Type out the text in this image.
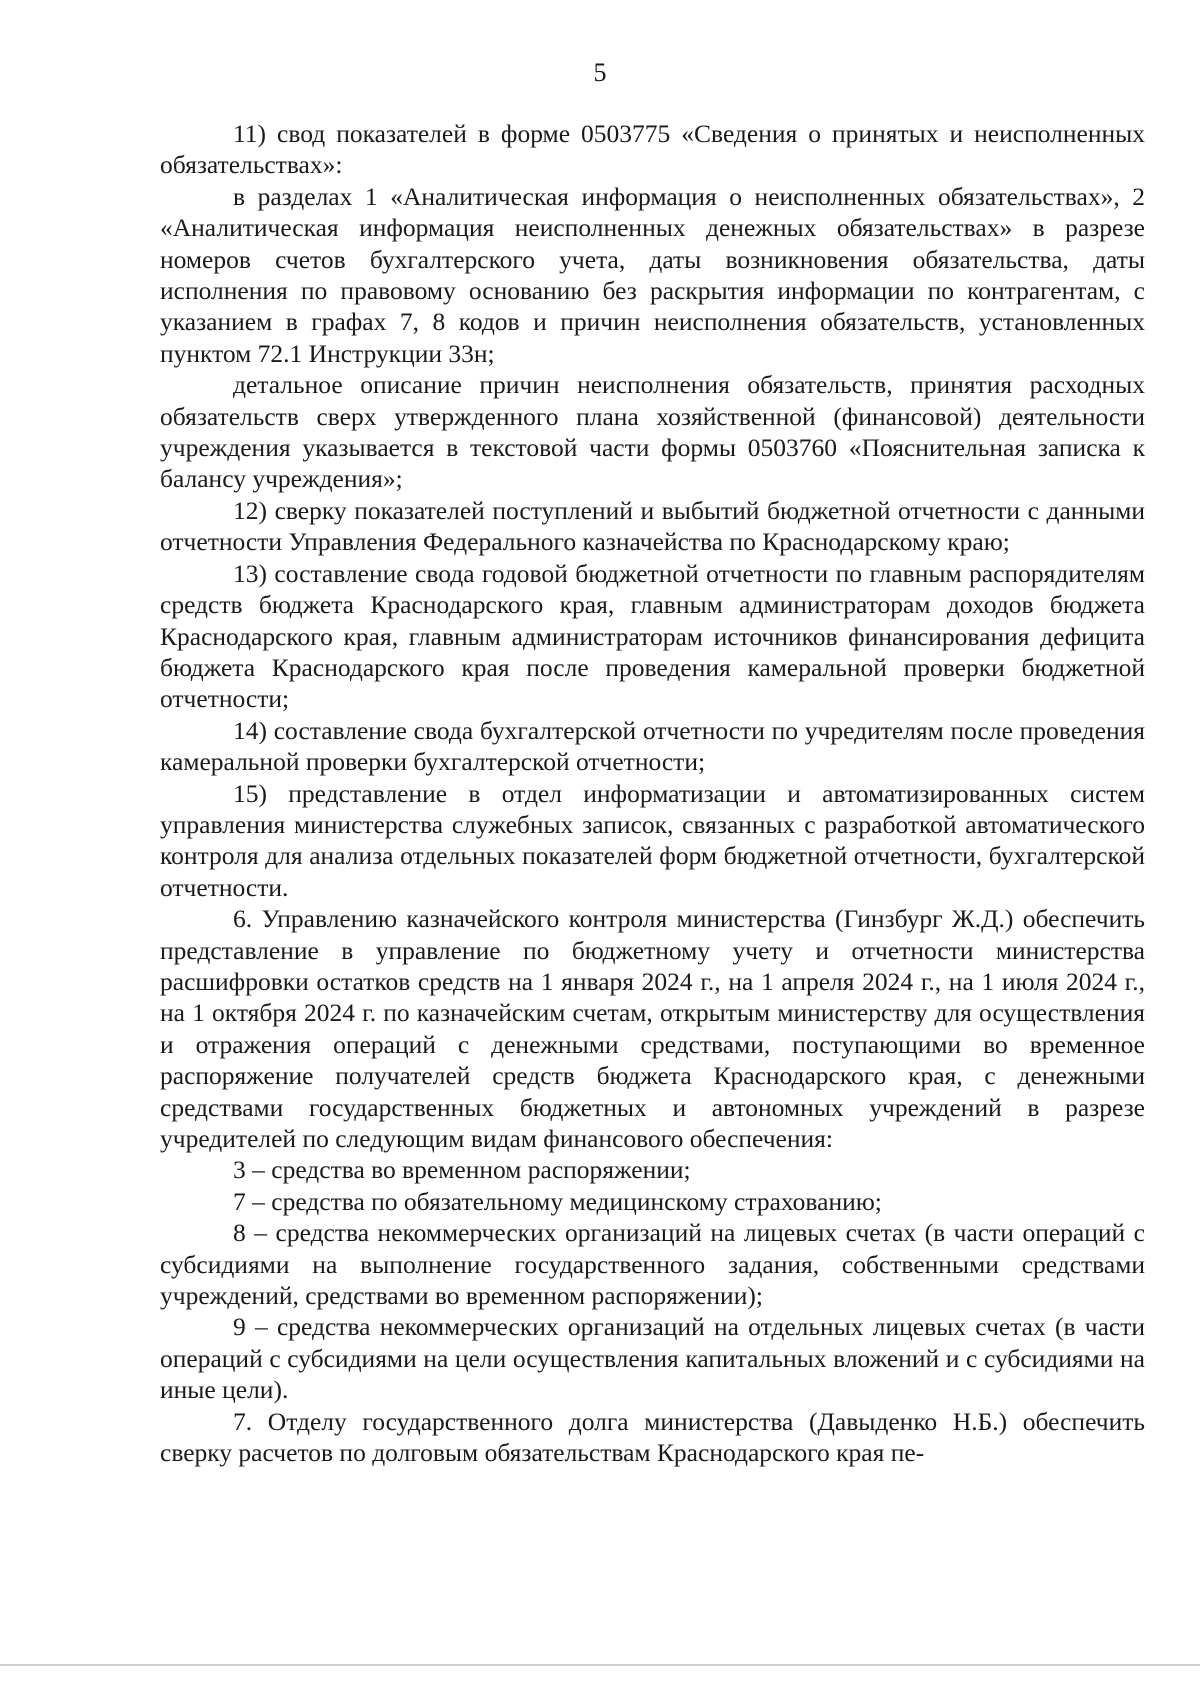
5

11) свод показателей в форме 0503775 «Сведения о принятых и неисполненных обязательствах»:

в разделах 1 «Аналитическая информация о неисполненных обязательствах», 2 «Аналитическая информация неисполненных денежных обязательствах» в разрезе номеров счетов бухгалтерского учета, даты возникновения обязательства, даты исполнения по правовому основанию без раскрытия информации по контрагентам, с указанием в графах 7, 8 кодов и причин неисполнения обязательств, установленных пунктом 72.1 Инструкции 33н;

детальное описание причин неисполнения обязательств, принятия расходных обязательств сверх утвержденного плана хозяйственной (финансовой) деятельности учреждения указывается в текстовой части формы 0503760 «Пояснительная записка к балансу учреждения»;

12) сверку показателей поступлений и выбытий бюджетной отчетности с данными отчетности Управления Федерального казначейства по Краснодарскому краю;

13) составление свода годовой бюджетной отчетности по главным распорядителям средств бюджета Краснодарского края, главным администраторам доходов бюджета Краснодарского края, главным администраторам источников финансирования дефицита бюджета Краснодарского края после проведения камеральной проверки бюджетной отчетности;

14) составление свода бухгалтерской отчетности по учредителям после проведения камеральной проверки бухгалтерской отчетности;

15) представление в отдел информатизации и автоматизированных систем управления министерства служебных записок, связанных с разработкой автоматического контроля для анализа отдельных показателей форм бюджетной отчетности, бухгалтерской отчетности.

6. Управлению казначейского контроля министерства (Гинзбург Ж.Д.) обеспечить представление в управление по бюджетному учету и отчетности министерства расшифровки остатков средств на 1 января 2024 г., на 1 апреля 2024 г., на 1 июля 2024 г., на 1 октября 2024 г. по казначейским счетам, открытым министерству для осуществления и отражения операций с денежными средствами, поступающими во временное распоряжение получателей средств бюджета Краснодарского края, с денежными средствами государственных бюджетных и автономных учреждений в разрезе учредителей по следующим видам финансового обеспечения:

3 – средства во временном распоряжении;

7 – средства по обязательному медицинскому страхованию;

8 – средства некоммерческих организаций на лицевых счетах (в части операций с субсидиями на выполнение государственного задания, собственными средствами учреждений, средствами во временном распоряжении);

9 – средства некоммерческих организаций на отдельных лицевых счетах (в части операций с субсидиями на цели осуществления капитальных вложений и с субсидиями на иные цели).

7. Отделу государственного долга министерства (Давыденко Н.Б.) обеспечить сверку расчетов по долговым обязательствам Краснодарского края пе-
